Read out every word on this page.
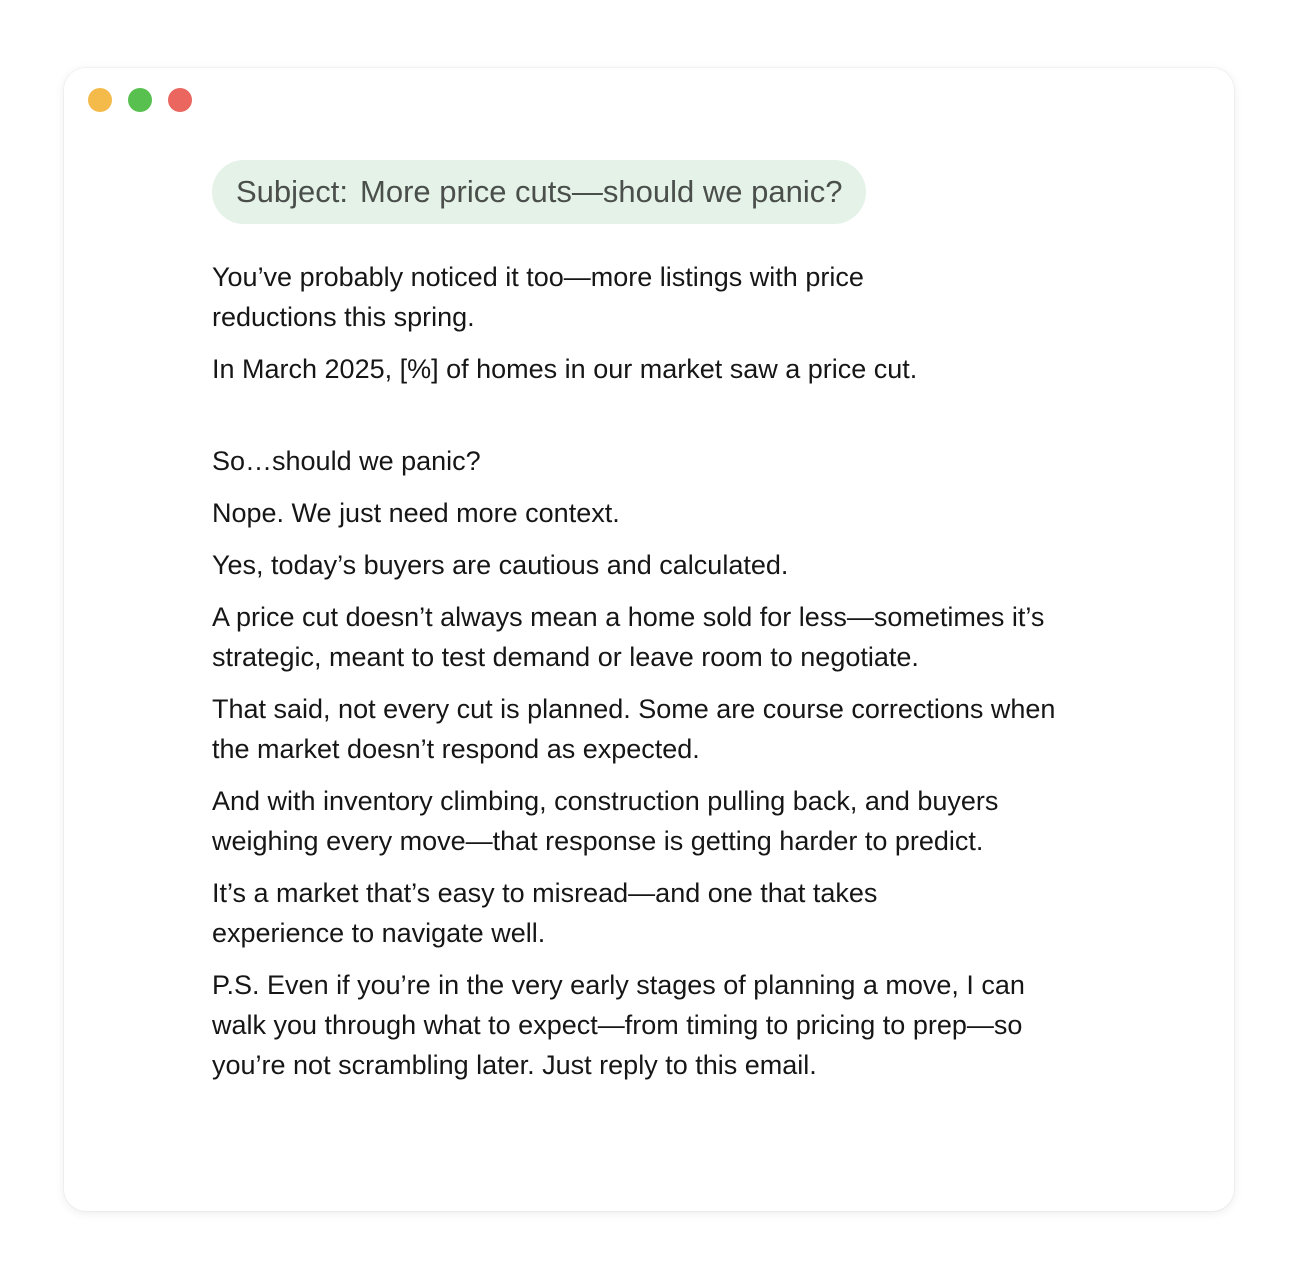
Subject: More price cuts—should we panic?

You’ve probably noticed it too—more listings with price reductions this spring.

In March 2025, [%] of homes in our market saw a price cut.

So…should we panic?

Nope. We just need more context.

Yes, today’s buyers are cautious and calculated.

A price cut doesn’t always mean a home sold for less—sometimes it’s strategic, meant to test demand or leave room to negotiate.

That said, not every cut is planned. Some are course corrections when the market doesn’t respond as expected.

And with inventory climbing, construction pulling back, and buyers weighing every move—that response is getting harder to predict.

It’s a market that’s easy to misread—and one that takes experience to navigate well.

P.S. Even if you’re in the very early stages of planning a move, I can walk you through what to expect—from timing to pricing to prep—so you’re not scrambling later. Just reply to this email.
